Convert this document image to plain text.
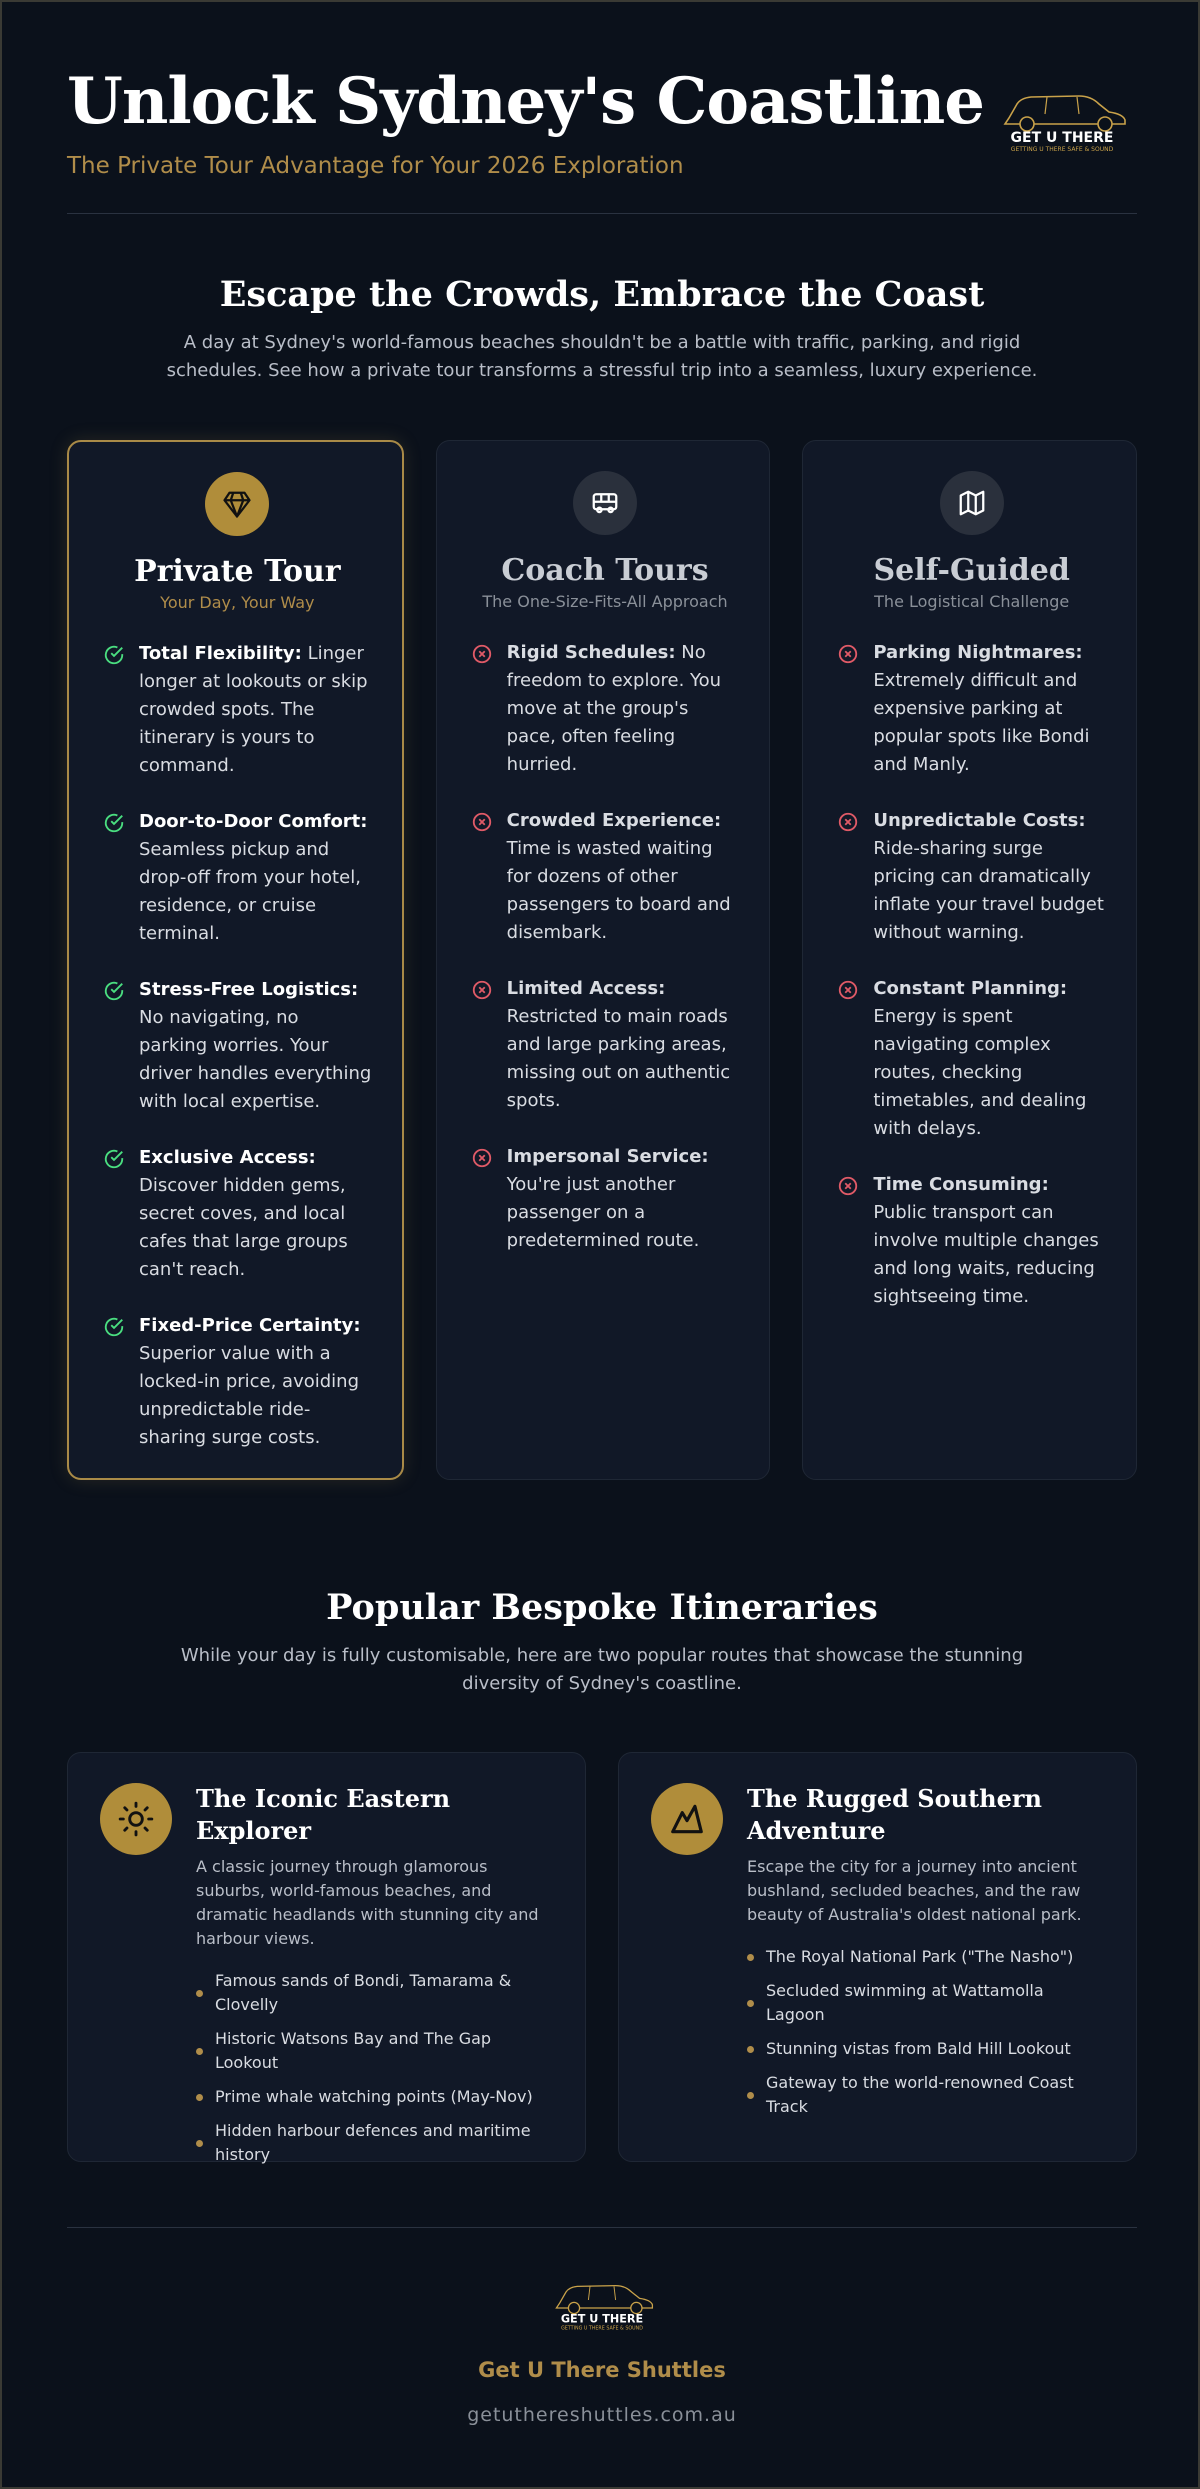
Unlock Sydney's Coastline
The Private Tour Advantage for Your 2026 Exploration
GET U THERE
GETTING U THERE SAFE & SOUND
Escape the Crowds, Embrace the Coast

A day at Sydney's world-famous beaches shouldn't be a battle with traffic, parking, and rigid schedules. See how a private tour transforms a stressful trip into a seamless, luxury experience.

Private Tour
Your Day, Your Way
Total Flexibility: Linger longer at lookouts or skip crowded spots. The itinerary is yours to command.
Door-to-Door Comfort: Seamless pickup and drop-off from your hotel, residence, or cruise terminal.
Stress-Free Logistics: No navigating, no parking worries. Your driver handles everything with local expertise.
Exclusive Access: Discover hidden gems, secret coves, and local cafes that large groups can't reach.
Fixed-Price Certainty: Superior value with a locked-in price, avoiding unpredictable ride-sharing surge costs.
Coach Tours
The One-Size-Fits-All Approach
Rigid Schedules: No freedom to explore. You move at the group's pace, often feeling hurried.
Crowded Experience: Time is wasted waiting for dozens of other passengers to board and disembark.
Limited Access: Restricted to main roads and large parking areas, missing out on authentic spots.
Impersonal Service: You're just another passenger on a predetermined route.
Self-Guided
The Logistical Challenge
Parking Nightmares: Extremely difficult and expensive parking at popular spots like Bondi and Manly.
Unpredictable Costs: Ride-sharing surge pricing can dramatically inflate your travel budget without warning.
Constant Planning: Energy is spent navigating complex routes, checking timetables, and dealing with delays.
Time Consuming: Public transport can involve multiple changes and long waits, reducing sightseeing time.
Popular Bespoke Itineraries

While your day is fully customisable, here are two popular routes that showcase the stunning diversity of Sydney's coastline.

The Iconic Eastern Explorer

A classic journey through glamorous suburbs, world-famous beaches, and dramatic headlands with stunning city and harbour views.

Famous sands of Bondi, Tamarama & Clovelly
Historic Watsons Bay and The Gap Lookout
Prime whale watching points (May-Nov)
Hidden harbour defences and maritime history
The Rugged Southern Adventure

Escape the city for a journey into ancient bushland, secluded beaches, and the raw beauty of Australia's oldest national park.

The Royal National Park ("The Nasho")
Secluded swimming at Wattamolla Lagoon
Stunning vistas from Bald Hill Lookout
Gateway to the world-renowned Coast Track
GET U THERE
GETTING U THERE SAFE & SOUND
Get U There Shuttles
getuthereshuttles.com.au
